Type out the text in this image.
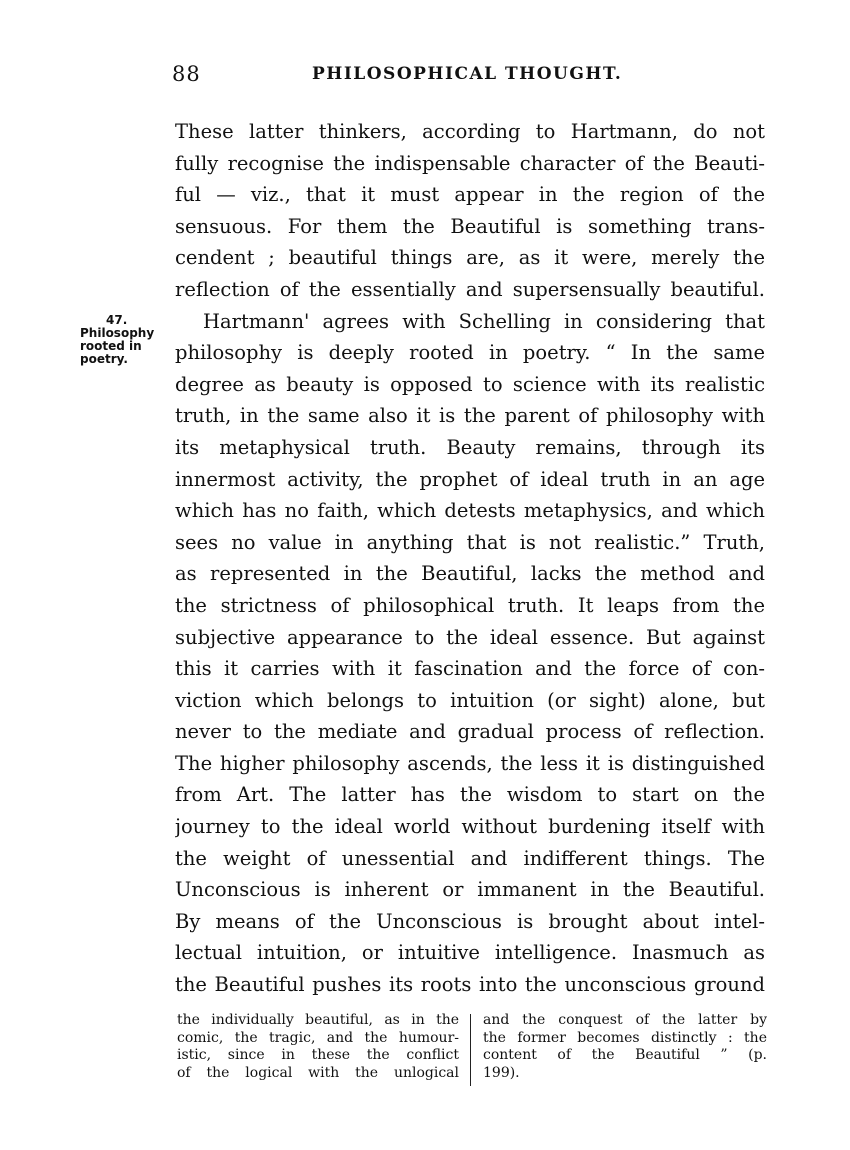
88	PHILOSOPHICAL THOUGHT.
47.
Philosophy
rooted in
poetry.
These latter thinkers, according to Hartmann, do not
fully recognise the indispensable character of the Beauti-
ful — viz., that it must appear in the region of the
sensuous. For them the Beautiful is something trans-
cendent ; beautiful things are, as it were, merely the
reflection of the essentially and supersensually beautiful.
Hartmann' agrees with Schelling in considering that
philosophy is deeply rooted in poetry. “ In the same
degree as beauty is opposed to science with its realistic
truth, in the same also it is the parent of philosophy with
its metaphysical truth. Beauty remains, through its
innermost activity, the prophet of ideal truth in an age
which has no faith, which detests metaphysics, and which
sees no value in anything that is not realistic.” Truth,
as represented in the Beautiful, lacks the method and
the strictness of philosophical truth. It leaps from the
subjective appearance to the ideal essence. But against
this it carries with it fascination and the force of con-
viction which belongs to intuition (or sight) alone, but
never to the mediate and gradual process of reflection.
The higher philosophy ascends, the less it is distinguished
from Art. The latter has the wisdom to start on the
journey to the ideal world without burdening itself with
the weight of unessential and indifferent things. The
Unconscious is inherent or immanent in the Beautiful.
By means of the Unconscious is brought about intel-
lectual intuition, or intuitive intelligence. Inasmuch as
the Beautiful pushes its roots into the unconscious ground
the individually beautiful, as in the
comic, the tragic, and the humour-
istic, since in these the conflict
of the logical with the unlogical
and the conquest of the latter by
the former becomes distinctly : the
content of the Beautiful ” (p.
199).
